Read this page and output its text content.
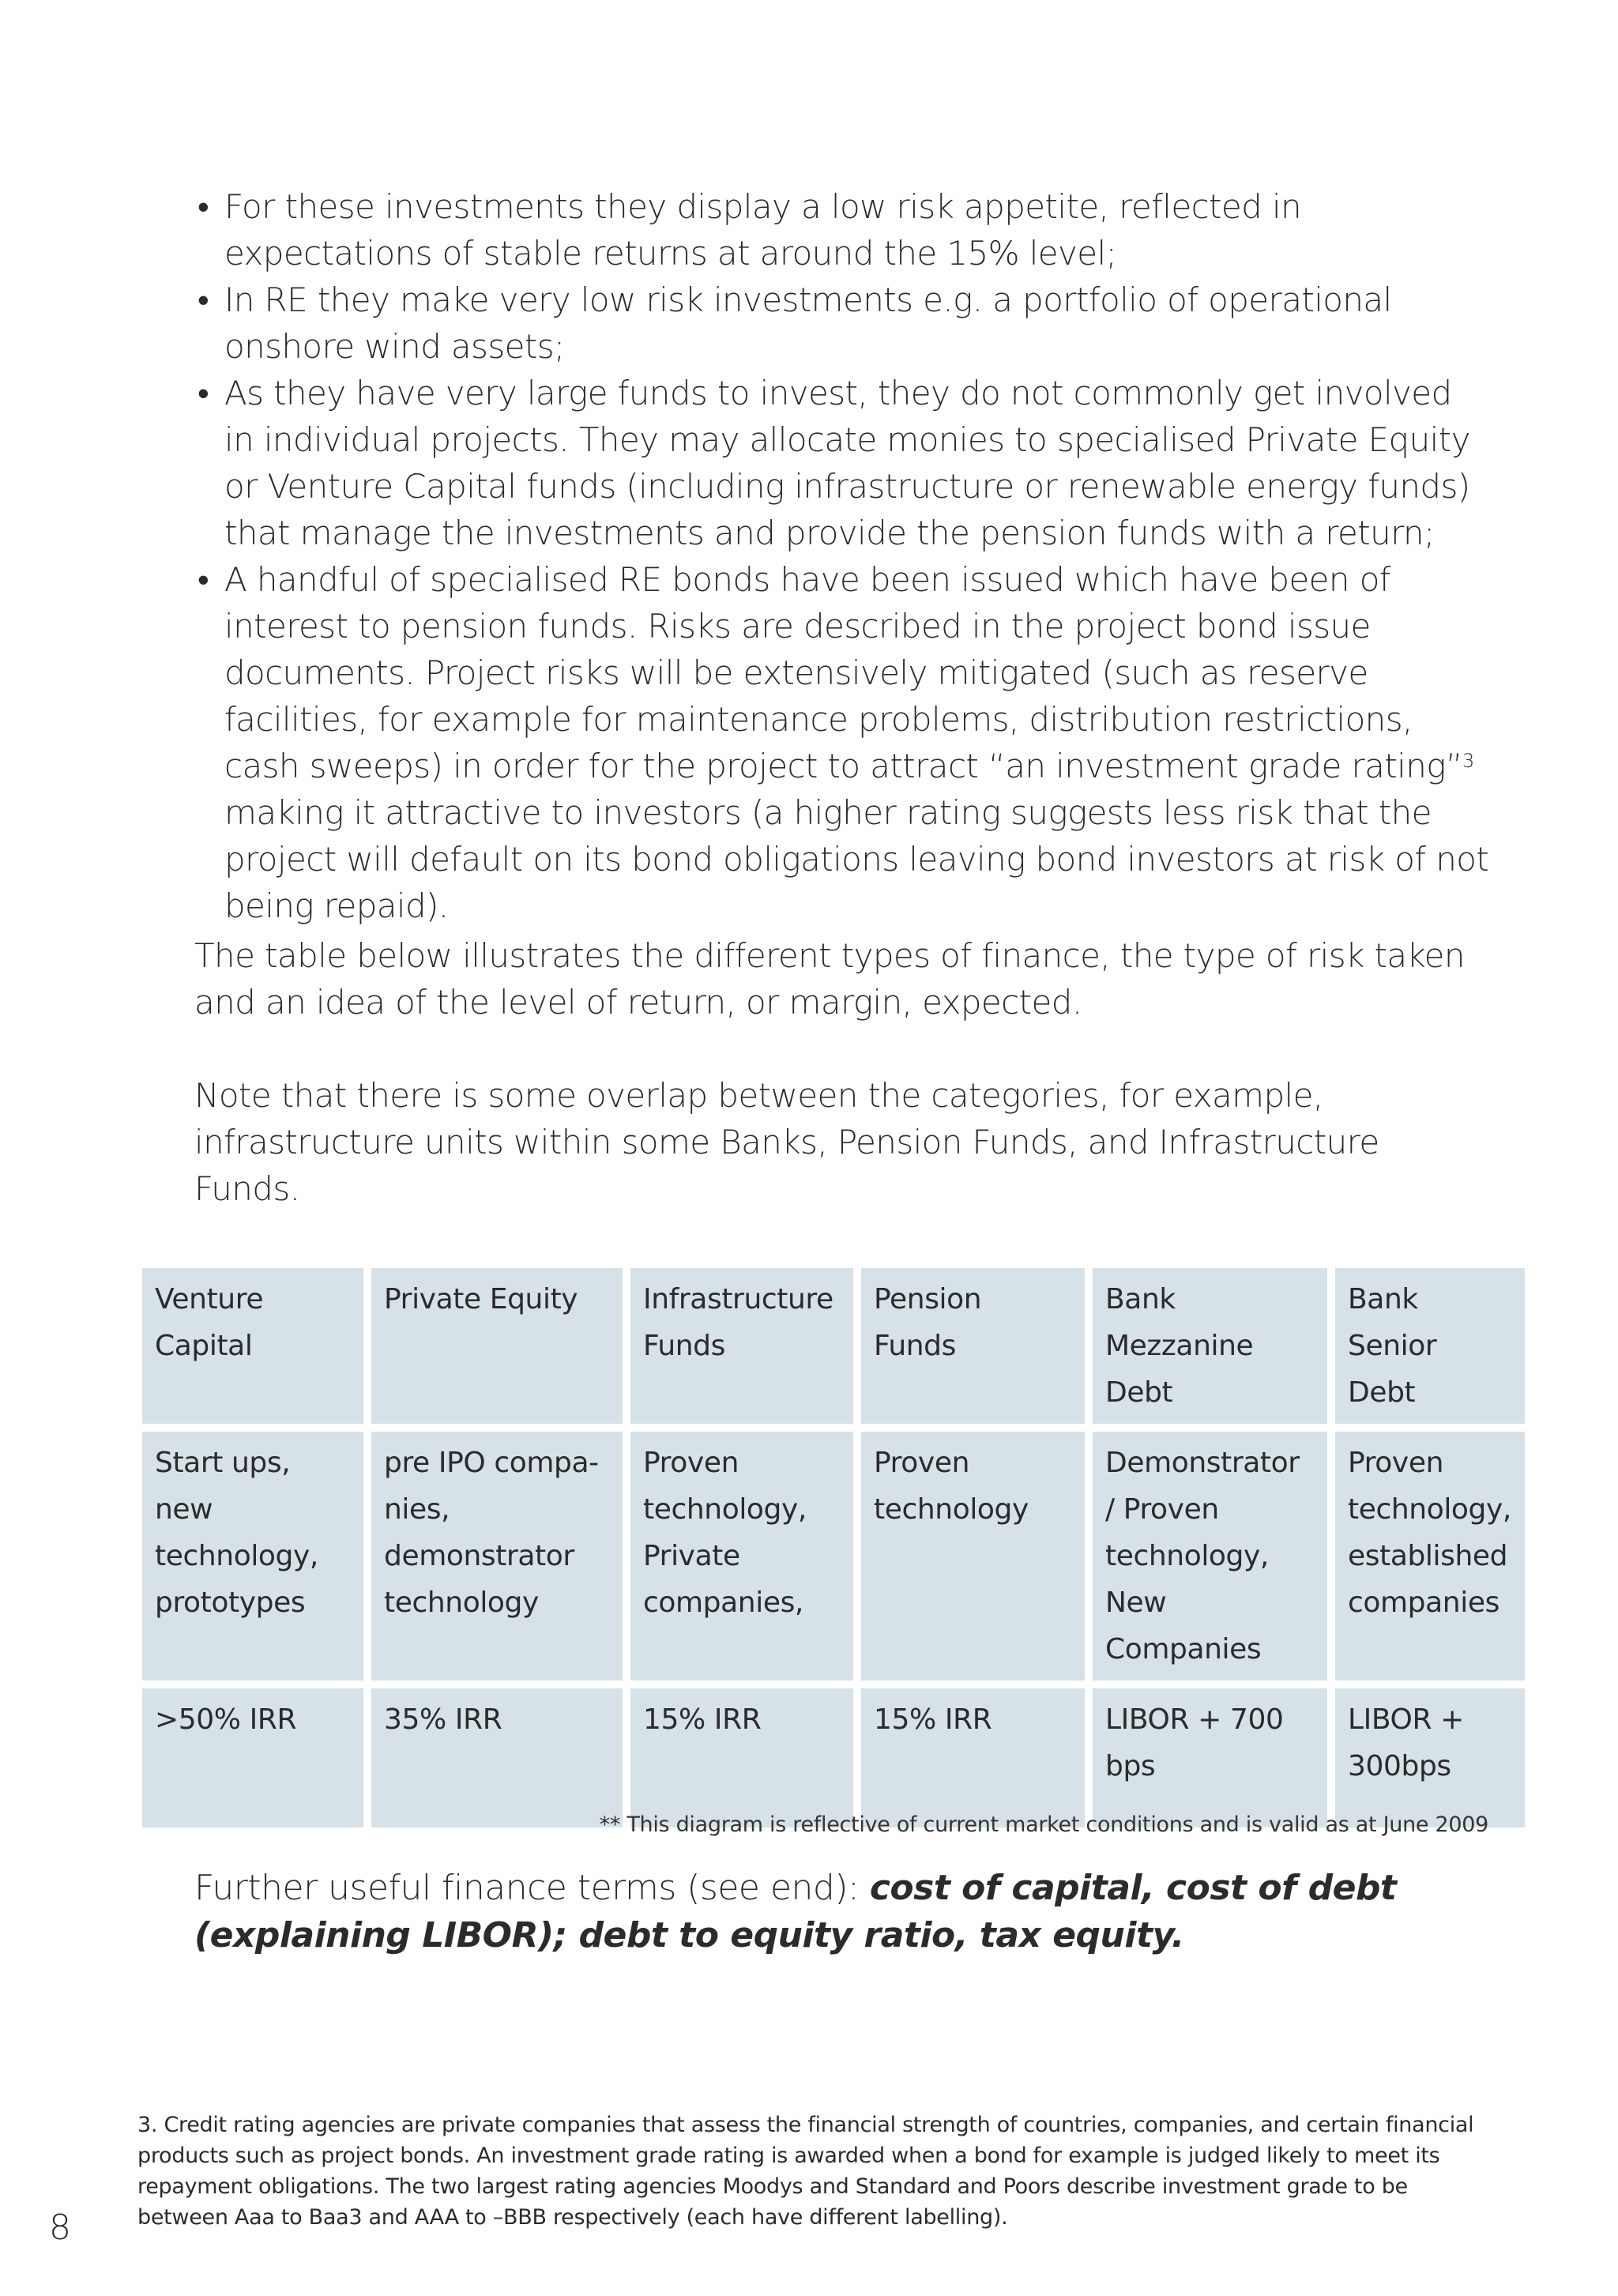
• For these investments they display a low risk appetite, reflected in expectations of stable returns at around the 15% level;
• In RE they make very low risk investments e.g. a portfolio of operational onshore wind assets;
• As they have very large funds to invest, they do not commonly get involved in individual projects. They may allocate monies to specialised Private Equity or Venture Capital funds (including infrastructure or renewable energy funds) that manage the investments and provide the pension funds with a return;
• A handful of specialised RE bonds have been issued which have been of interest to pension funds. Risks are described in the project bond issue documents. Project risks will be extensively mitigated (such as reserve facilities, for example for maintenance problems, distribution restrictions, cash sweeps) in order for the project to attract “an investment grade rating”$^3$ making it attractive to investors (a higher rating suggests less risk that the project will default on its bond obligations leaving bond investors at risk of not being repaid).

The table below illustrates the different types of finance, the type of risk taken and an idea of the level of return, or margin, expected.

Note that there is some overlap between the categories, for example, infrastructure units within some Banks, Pension Funds, and Infrastructure Funds.

Venture Capital	Private Equity	Infrastructure Funds	Pension Funds	Bank Mezzanine Debt	Bank Senior Debt
Start ups, new technology, prototypes	pre IPO compa-nies, demonstrator technology	Proven technology, Private companies,	Proven technology	Demonstrator / Proven technology, New Companies	Proven technology, established companies
>50% IRR	35% IRR	15% IRR	15% IRR	LIBOR + 700 bps	LIBOR + 300bps
** This diagram is reflective of current market conditions and is valid as at June 2009

Further useful finance terms (see end): cost of capital, cost of debt (explaining LIBOR); debt to equity ratio, tax equity.

3. Credit rating agencies are private companies that assess the financial strength of countries, companies, and certain financial products such as project bonds. An investment grade rating is awarded when a bond for example is judged likely to meet its repayment obligations. The two largest rating agencies Moodys and Standard and Poors describe investment grade to be between Aaa to Baa3 and AAA to –BBB respectively (each have different labelling).

8
